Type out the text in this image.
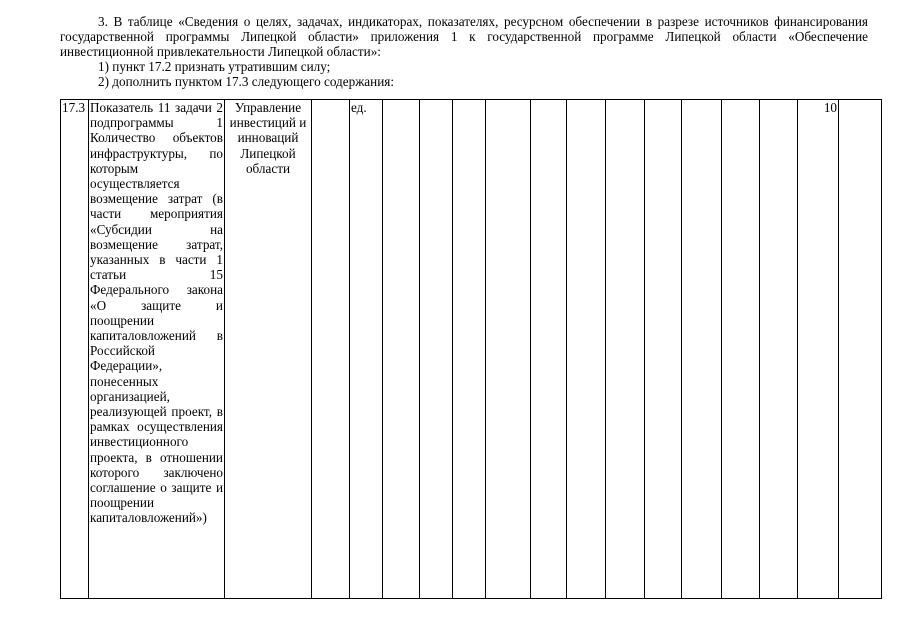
3. В таблице «Сведения о целях, задачах, индикаторах, показателях, ресурсном обеспечении в разрезе источников финансирования государственной программы Липецкой области» приложения 1 к государственной программе Липецкой области «Обеспечение инвестиционной привлекательности Липецкой области»:

1) пункт 17.2 признать утратившим силу;

2) дополнить пунктом 17.3 следующего содержания:

17.3	Показатель 11 задачи 2 подпрограммы 1 Количество объектов инфраструктуры, по которым осуществляется возмещение затрат (в части мероприятия «Субсидии на возмещение затрат, указанных в части 1 статьи 15 Федерального закона «О защите и поощрении капиталовложений в Российской Федерации», понесенных организацией, реализующей проект, в рамках осуществления инвестиционного проекта, в отношении которого заключено соглашение о защите и поощрении капиталовложений»)	Управление инвестиций и инноваций Липецкой области		ед.												10	
